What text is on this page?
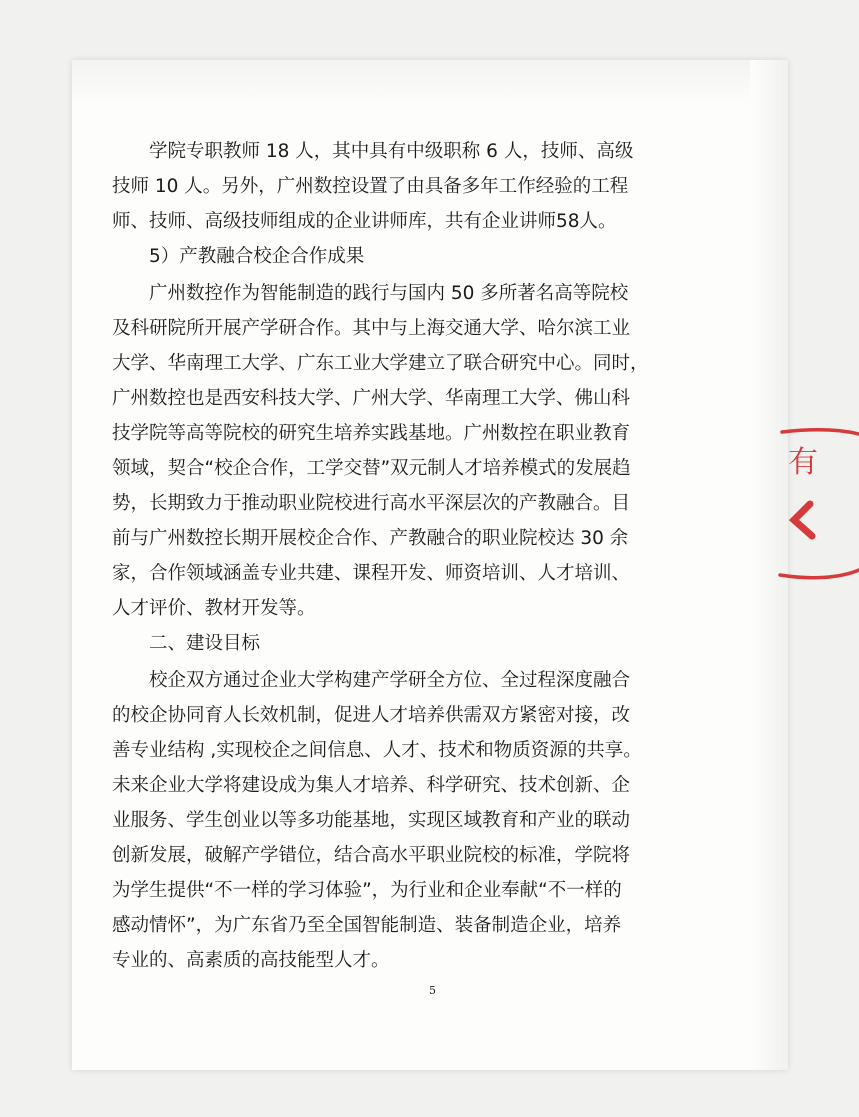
学院专职教师 18 人，其中具有中级职称 6 人，技师、高级
技师 10 人。另外，广州数控设置了由具备多年工作经验的工程
师、技师、高级技师组成的企业讲师库，共有企业讲师58人。
5）产教融合校企合作成果
广州数控作为智能制造的践行与国内 50 多所著名高等院校
及科研院所开展产学研合作。其中与上海交通大学、哈尔滨工业
大学、华南理工大学、广东工业大学建立了联合研究中心。同时，
广州数控也是西安科技大学、广州大学、华南理工大学、佛山科
技学院等高等院校的研究生培养实践基地。广州数控在职业教育
领域，契合“校企合作，工学交替”双元制人才培养模式的发展趋
势，长期致力于推动职业院校进行高水平深层次的产教融合。目
前与广州数控长期开展校企合作、产教融合的职业院校达 30 余
家，合作领域涵盖专业共建、课程开发、师资培训、人才培训、
人才评价、教材开发等。
二、建设目标
校企双方通过企业大学构建产学研全方位、全过程深度融合
的校企协同育人长效机制，促进人才培养供需双方紧密对接，改
善专业结构 ,实现校企之间信息、人才、技术和物质资源的共享。
未来企业大学将建设成为集人才培养、科学研究、技术创新、企
业服务、学生创业以等多功能基地，实现区域教育和产业的联动
创新发展，破解产学错位，结合高水平职业院校的标准，学院将
为学生提供“不一样的学习体验”，为行业和企业奉献“不一样的
感动情怀”，为广东省乃至全国智能制造、装备制造企业，培养
专业的、高素质的高技能型人才。
5
有
